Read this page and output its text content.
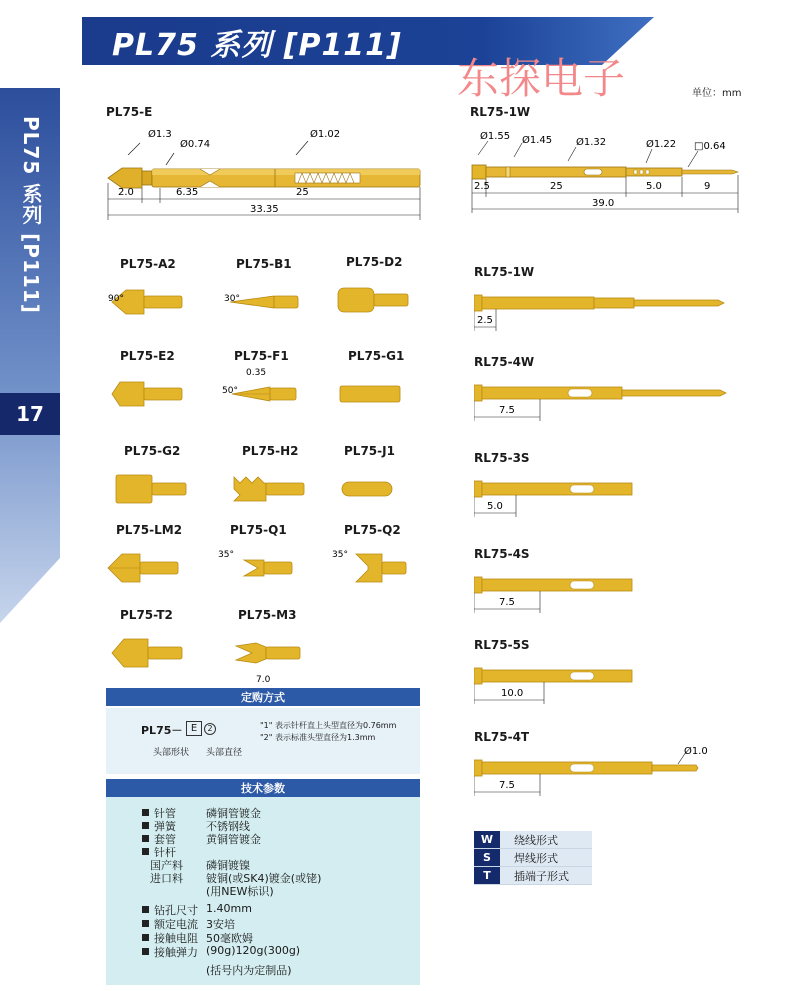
PL75 系列 [P111]
东探电子	单位：mm
PL75 系列 [P111]
17
PL75-E
Ø1.3
Ø0.74
Ø1.02
2.0	6.35	25
33.35
RL75-1W
Ø1.55 Ø1.45 Ø1.32	Ø1.22 □0.64
2.5	25	5.0	9
39.0
PL75-A2
90°
PL75-B1
30°
PL75-D2
PL75-E2	PL75-F1
50°
0.35
PL75-G1
PL75-G2	PL75-H2	PL75-J1
PL75-LM2	PL75-Q1
35°
PL75-Q2
35°
PL75-T2	PL75-M3
7.0
RL75-1W
2.5
RL75-4W
7.5
RL75-3S
5.0
RL75-4S
7.5
RL75-5S
10.0
RL75-4T
7.5
Ø1.0
定购方式
PL75－ E	2
头部形状 头部直径
"1" 表示针杆直上头型直径为0.76mm
"2" 表示标准头型直径为1.3mm
技术参数
针管	磷铜管镀金
弹簧	不锈钢线
套管	黄铜管镀金
针杆
国产料 磷铜镀镍
进口料 铍铜(或SK4)镀金(或铑)
(用NEW标识)
钻孔尺寸 1.40mm
额定电流 3安培
接触电阻 50毫欧姆
接触弹力 (90g)120g(300g)
(括号内为定制品)
W	绕线形式
S	焊线形式
T	插端子形式
